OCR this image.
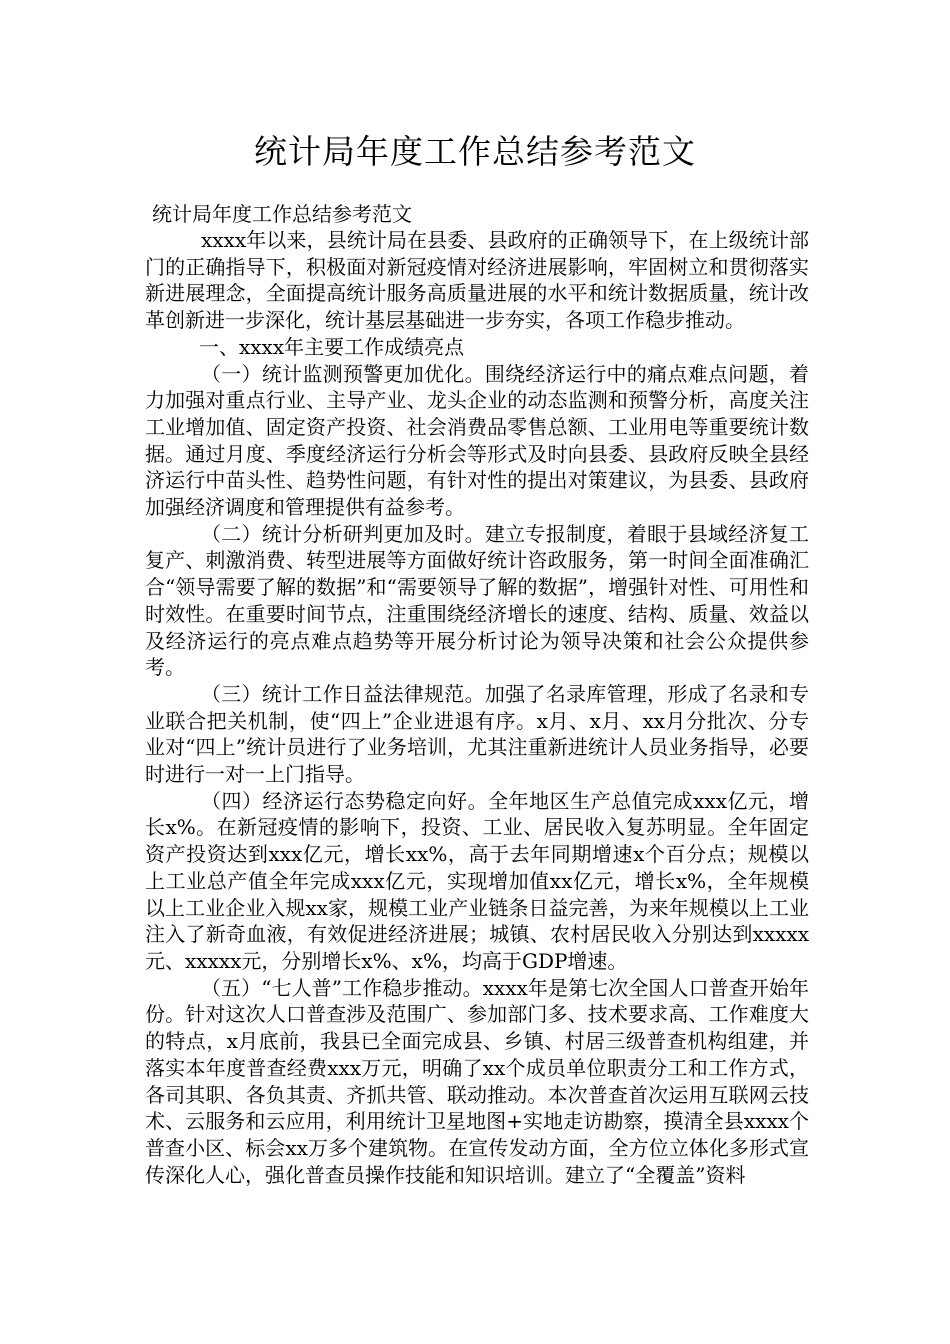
统计局年度工作总结参考范文
统计局年度工作总结参考范文

xxxx年以来，县统计局在县委、县政府的正确领导下，在上级统计部门的正确指导下，积极面对新冠疫情对经济进展影响，牢固树立和贯彻落实新进展理念，全面提高统计服务高质量进展的水平和统计数据质量，统计改革创新进一步深化，统计基层基础进一步夯实，各项工作稳步推动。

一、xxxx年主要工作成绩亮点

（一）统计监测预警更加优化。围绕经济运行中的痛点难点问题，着力加强对重点行业、主导产业、龙头企业的动态监测和预警分析，高度关注工业增加值、固定资产投资、社会消费品零售总额、工业用电等重要统计数据。通过月度、季度经济运行分析会等形式及时向县委、县政府反映全县经济运行中苗头性、趋势性问题，有针对性的提出对策建议，为县委、县政府加强经济调度和管理提供有益参考。

（二）统计分析研判更加及时。建立专报制度，着眼于县域经济复工复产、刺激消费、转型进展等方面做好统计咨政服务，第一时间全面准确汇合“领导需要了解的数据”和“需要领导了解的数据”，增强针对性、可用性和时效性。在重要时间节点，注重围绕经济增长的速度、结构、质量、效益以及经济运行的亮点难点趋势等开展分析讨论为领导决策和社会公众提供参考。

（三）统计工作日益法律规范。加强了名录库管理，形成了名录和专业联合把关机制，使“四上”企业进退有序。x月、x月、xx月分批次、分专业对“四上”统计员进行了业务培训，尤其注重新进统计人员业务指导，必要时进行一对一上门指导。

（四）经济运行态势稳定向好。全年地区生产总值完成xxx亿元，增长x%。在新冠疫情的影响下，投资、工业、居民收入复苏明显。全年固定资产投资达到xxx亿元，增长xx%，高于去年同期增速x个百分点；规模以上工业总产值全年完成xxx亿元，实现增加值xx亿元，增长x%，全年规模以上工业企业入规xx家，规模工业产业链条日益完善，为来年规模以上工业注入了新奇血液，有效促进经济进展；城镇、农村居民收入分别达到xxxxx元、xxxxx元，分别增长x%、x%，均高于GDP增速。

（五）“七人普”工作稳步推动。xxxx年是第七次全国人口普查开始年份。针对这次人口普查涉及范围广、参加部门多、技术要求高、工作难度大的特点，x月底前，我县已全面完成县、乡镇、村居三级普查机构组建，并落实本年度普查经费xxx万元，明确了xx个成员单位职责分工和工作方式，各司其职、各负其责、齐抓共管、联动推动。本次普查首次运用互联网云技术、云服务和云应用，利用统计卫星地图+实地走访勘察，摸清全县xxxx个普查小区、标会xx万多个建筑物。在宣传发动方面，全方位立体化多形式宣传深化人心，强化普查员操作技能和知识培训。建立了“全覆盖”资料
